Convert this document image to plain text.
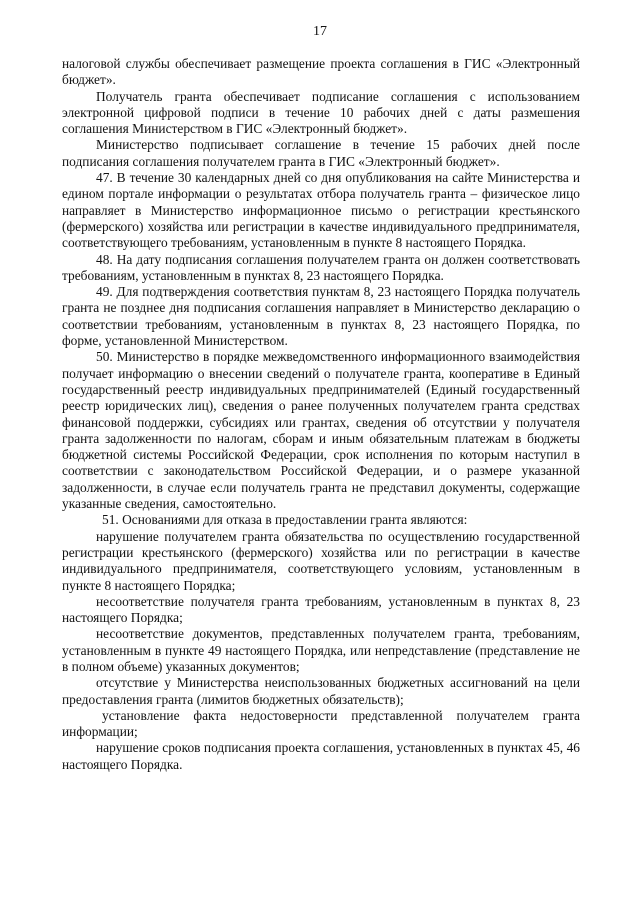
17

налоговой службы обеспечивает размещение проекта соглашения в ГИС «Электронный бюджет».

Получатель гранта обеспечивает подписание соглашения с использованием электронной цифровой подписи в течение 10 рабочих дней с даты размешения соглашения Министерством в ГИС «Электронный бюджет».

Министерство подписывает соглашение в течение 15 рабочих дней после подписания соглашения получателем гранта в ГИС «Электронный бюджет».

47. В течение 30 календарных дней со дня опубликования на сайте Министерства и едином портале информации о результатах отбора получатель гранта – физическое лицо направляет в Министерство информационное письмо о регистрации крестьянского (фермерского) хозяйства или регистрации в качестве индивидуального предпринимателя, соответствующего требованиям, установленным в пункте 8 настоящего Порядка.

48. На дату подписания соглашения получателем гранта он должен соответствовать требованиям, установленным в пунктах 8, 23 настоящего Порядка.

49. Для подтверждения соответствия пунктам 8, 23 настоящего Порядка получатель гранта не позднее дня подписания соглашения направляет в Министерство декларацию о соответствии требованиям, установленным в пунктах 8, 23 настоящего Порядка, по форме, установленной Министерством.

50. Министерство в порядке межведомственного информационного взаимодействия получает информацию о внесении сведений о получателе гранта, кооперативе в Единый государственный реестр индивидуальных предпринимателей (Единый государственный реестр юридических лиц), сведения о ранее полученных получателем гранта средствах финансовой поддержки, субсидиях или грантах, сведения об отсутствии у получателя гранта задолженности по налогам, сборам и иным обязательным платежам в бюджеты бюджетной системы Российской Федерации, срок исполнения по которым наступил в соответствии с законодательством Российской Федерации, и о размере указанной задолженности, в случае если получатель гранта не представил документы, содержащие указанные сведения, самостоятельно.

51. Основаниями для отказа в предоставлении гранта являются:

нарушение получателем гранта обязательства по осуществлению государственной регистрации крестьянского (фермерского) хозяйства или по регистрации в качестве индивидуального предпринимателя, соответствующего условиям, установленным в пункте 8 настоящего Порядка;

несоответствие получателя гранта требованиям, установленным в пунктах 8, 23 настоящего Порядка;

несоответствие документов, представленных получателем гранта, требованиям, установленным в пункте 49 настоящего Порядка, или непредставление (представление не в полном объеме) указанных документов;

отсутствие у Министерства неиспользованных бюджетных ассигнований на цели предоставления гранта (лимитов бюджетных обязательств);

установление факта недостоверности представленной получателем гранта информации;

нарушение сроков подписания проекта соглашения, установленных в пунктах 45, 46 настоящего Порядка.
